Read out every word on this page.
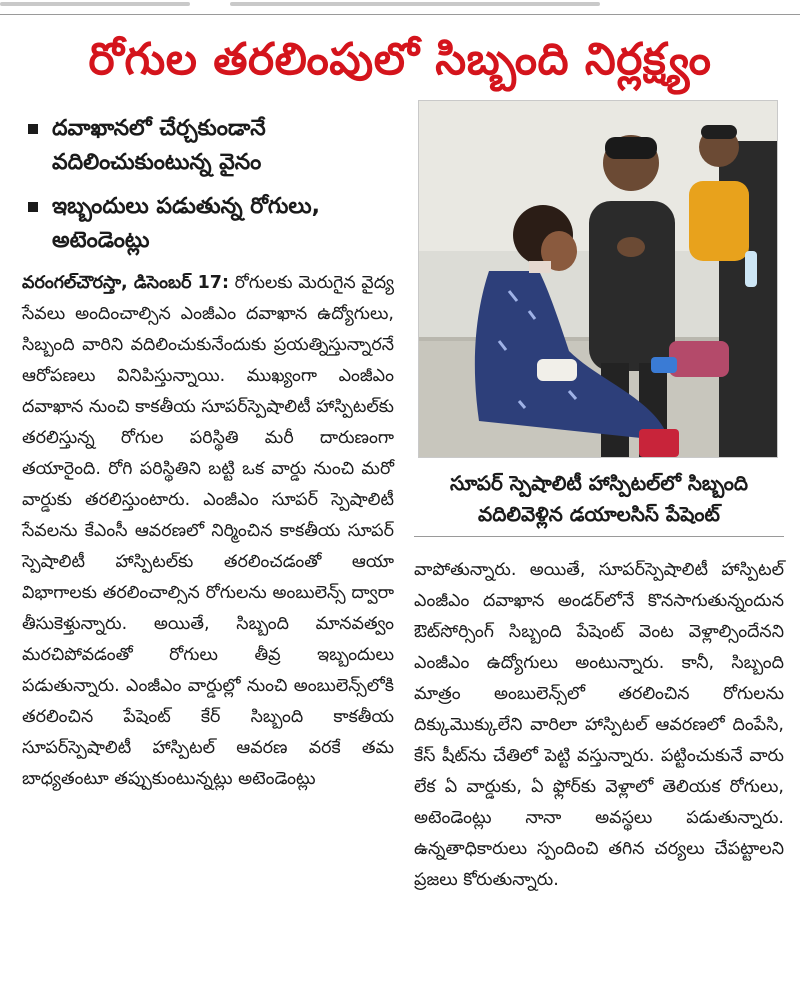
రోగుల తరలింపులో సిబ్బంది నిర్లక్ష్యం
దవాఖానలో చేర్చకుండానే వదిలించుకుంటున్న వైనం
ఇబ్బందులు పడుతున్న రోగులు, అటెండెంట్లు
వరంగల్‌చౌరస్తా, డిసెంబర్ 17: రోగులకు మెరుగైన వైద్య సేవలు అందించాల్సిన ఎంజీఎం దవాఖాన ఉద్యోగులు, సిబ్బంది వారిని వదిలించుకునేందుకు ప్రయత్నిస్తున్నారనే ఆరోపణలు వినిపిస్తున్నాయి. ముఖ్యంగా ఎంజీఎం దవాఖాన నుంచి కాకతీయ సూపర్‌స్పెషాలిటీ హాస్పిటల్‌కు తరలిస్తున్న రోగుల పరిస్థితి మరీ దారుణంగా తయారైంది. రోగి పరిస్థితిని బట్టి ఒక వార్డు నుంచి మరో వార్డుకు తరలిస్తుంటారు. ఎంజీఎం సూపర్ స్పెషాలిటీ సేవలను కేఎంసీ ఆవరణలో నిర్మించిన కాకతీయ సూపర్ స్పెషాలిటీ హాస్పిటల్‌కు తరలించడంతో ఆయా విభాగాలకు తరలించాల్సిన రోగులను అంబులెన్స్ ద్వారా తీసుకెళ్తున్నారు. అయితే, సిబ్బంది మానవత్వం మరచిపోవడంతో రోగులు తీవ్ర ఇబ్బందులు పడుతున్నారు. ఎంజీఎం వార్డుల్లో నుంచి అంబులెన్స్‌లోకి తరలించిన పేషెంట్ కేర్ సిబ్బంది కాకతీయ సూపర్‌స్పెషాలిటీ హాస్పిటల్ ఆవరణ వరకే తమ బాధ్యతంటూ తప్పుకుంటున్నట్లు అటెండెంట్లు
సూపర్ స్పెషాలిటీ హాస్పిటల్‌లో సిబ్బంది వదిలివెళ్లిన డయాలసిస్ పేషెంట్
వాపోతున్నారు. అయితే, సూపర్‌స్పెషాలిటీ హాస్పిటల్ ఎంజీఎం దవాఖాన అండర్‌లోనే కొనసాగుతున్నందున ఔట్‌సోర్సింగ్ సిబ్బంది పేషెంట్ వెంట వెళ్లాల్సిందేనని ఎంజీఎం ఉద్యోగులు అంటున్నారు. కానీ, సిబ్బంది మాత్రం అంబులెన్స్‌లో తరలించిన రోగులను దిక్కుమొక్కులేని వారిలా హాస్పిటల్ ఆవరణలో దింపేసి, కేస్ షీట్‌ను చేతిలో పెట్టి వస్తున్నారు. పట్టించుకునే వారు లేక ఏ వార్డుకు, ఏ ఫ్లోర్‌కు వెళ్లాలో తెలియక రోగులు, అటెండెంట్లు నానా అవస్థలు పడుతున్నారు. ఉన్నతాధికారులు స్పందించి తగిన చర్యలు చేపట్టాలని ప్రజలు కోరుతున్నారు.
